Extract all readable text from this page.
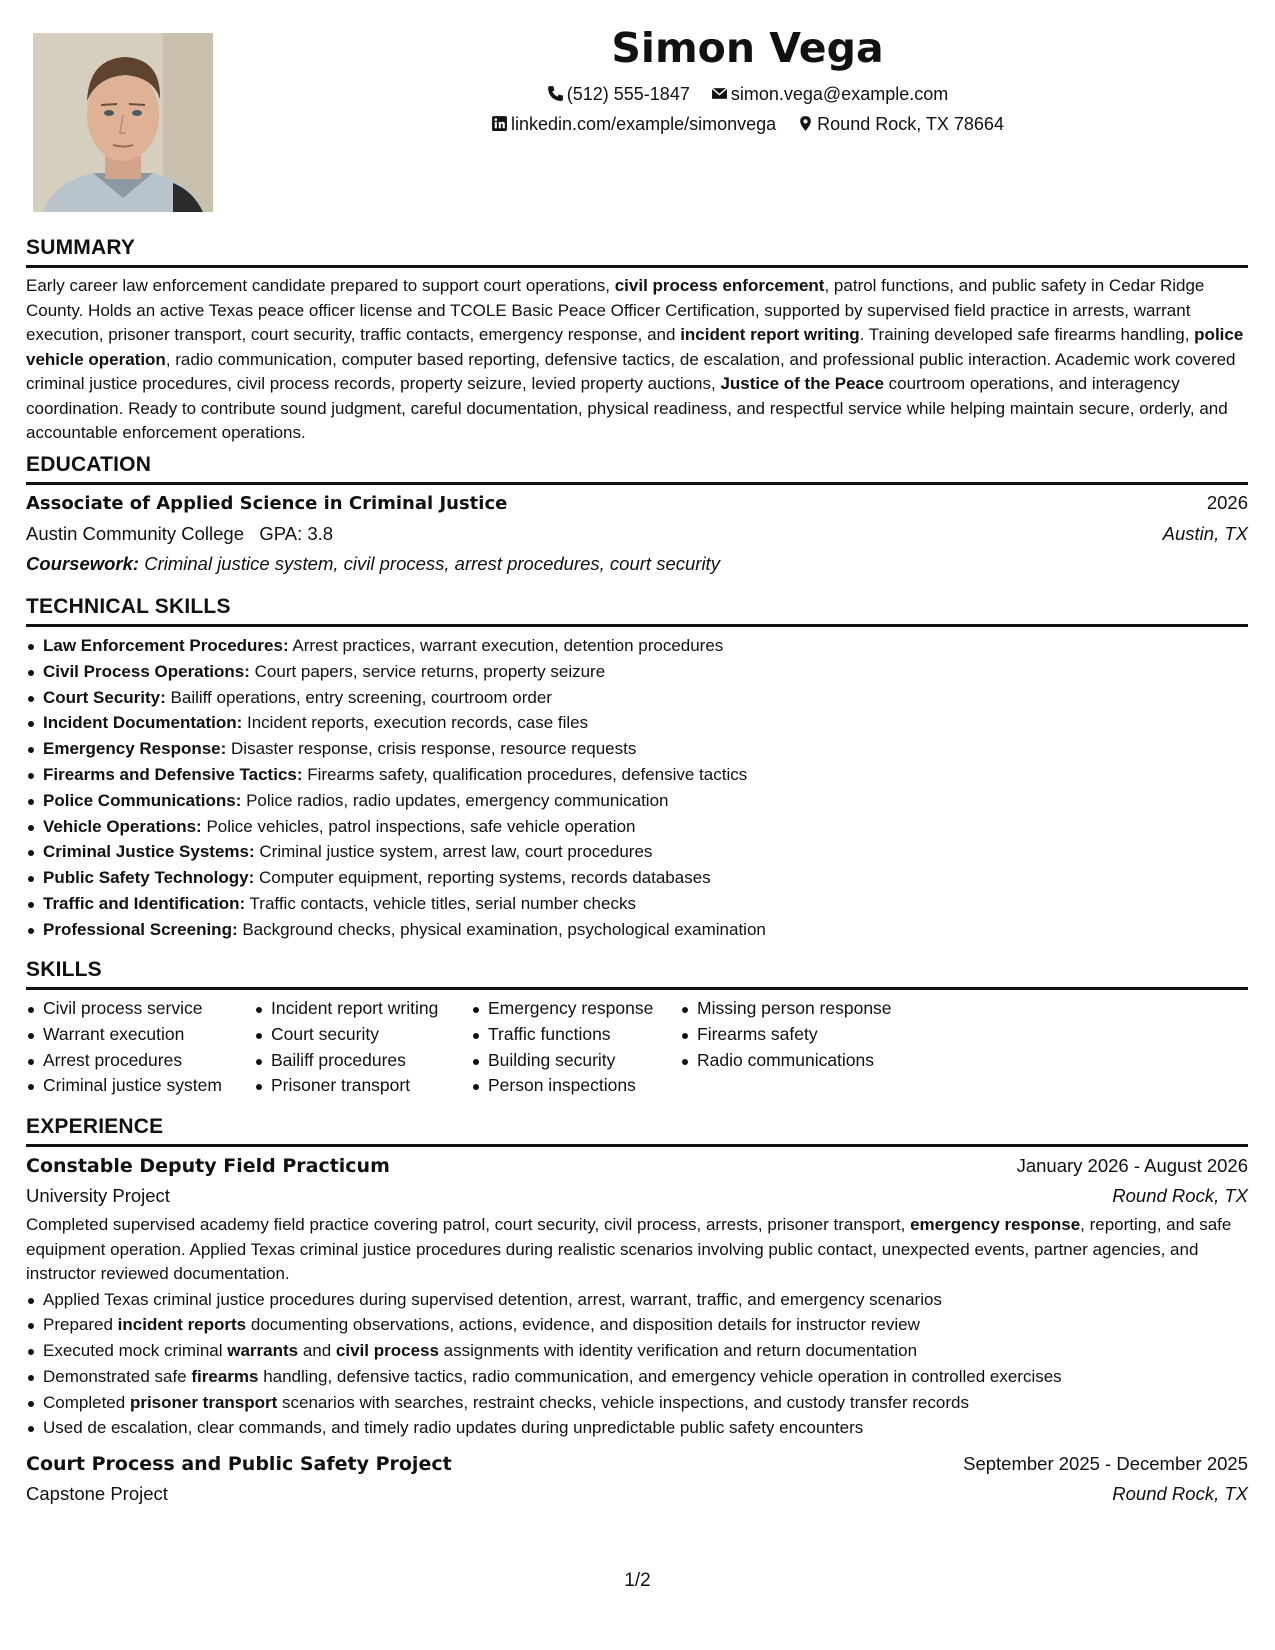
Simon Vega
(512) 555-1847 simon.vega@example.com
linkedin.com/example/simonvega Round Rock, TX 78664
SUMMARY
Early career law enforcement candidate prepared to support court operations, civil process enforcement, patrol functions, and public safety in Cedar Ridge County. Holds an active Texas peace officer license and TCOLE Basic Peace Officer Certification, supported by supervised field practice in arrests, warrant execution, prisoner transport, court security, traffic contacts, emergency response, and incident report writing. Training developed safe firearms handling, police vehicle operation, radio communication, computer based reporting, defensive tactics, de escalation, and professional public interaction. Academic work covered criminal justice procedures, civil process records, property seizure, levied property auctions, Justice of the Peace courtroom operations, and interagency coordination. Ready to contribute sound judgment, careful documentation, physical readiness, and respectful service while helping maintain secure, orderly, and accountable enforcement operations.
EDUCATION
Associate of Applied Science in Criminal Justice	2026
Austin Community College GPA: 3.8	Austin, TX
Coursework: Criminal justice system, civil process, arrest procedures, court security
TECHNICAL SKILLS
Law Enforcement Procedures: Arrest practices, warrant execution, detention procedures
Civil Process Operations: Court papers, service returns, property seizure
Court Security: Bailiff operations, entry screening, courtroom order
Incident Documentation: Incident reports, execution records, case files
Emergency Response: Disaster response, crisis response, resource requests
Firearms and Defensive Tactics: Firearms safety, qualification procedures, defensive tactics
Police Communications: Police radios, radio updates, emergency communication
Vehicle Operations: Police vehicles, patrol inspections, safe vehicle operation
Criminal Justice Systems: Criminal justice system, arrest law, court procedures
Public Safety Technology: Computer equipment, reporting systems, records databases
Traffic and Identification: Traffic contacts, vehicle titles, serial number checks
Professional Screening: Background checks, physical examination, psychological examination
SKILLS
Civil process service
Warrant execution
Arrest procedures
Criminal justice system
Incident report writing
Court security
Bailiff procedures
Prisoner transport
Emergency response
Traffic functions
Building security
Person inspections
Missing person response
Firearms safety
Radio communications
EXPERIENCE
Constable Deputy Field Practicum	January 2026 - August 2026
University Project	Round Rock, TX
Completed supervised academy field practice covering patrol, court security, civil process, arrests, prisoner transport, emergency response, reporting, and safe equipment operation. Applied Texas criminal justice procedures during realistic scenarios involving public contact, unexpected events, partner agencies, and instructor reviewed documentation.
Applied Texas criminal justice procedures during supervised detention, arrest, warrant, traffic, and emergency scenarios
Prepared incident reports documenting observations, actions, evidence, and disposition details for instructor review
Executed mock criminal warrants and civil process assignments with identity verification and return documentation
Demonstrated safe firearms handling, defensive tactics, radio communication, and emergency vehicle operation in controlled exercises
Completed prisoner transport scenarios with searches, restraint checks, vehicle inspections, and custody transfer records
Used de escalation, clear commands, and timely radio updates during unpredictable public safety encounters
Court Process and Public Safety Project	September 2025 - December 2025
Capstone Project	Round Rock, TX
1/2
